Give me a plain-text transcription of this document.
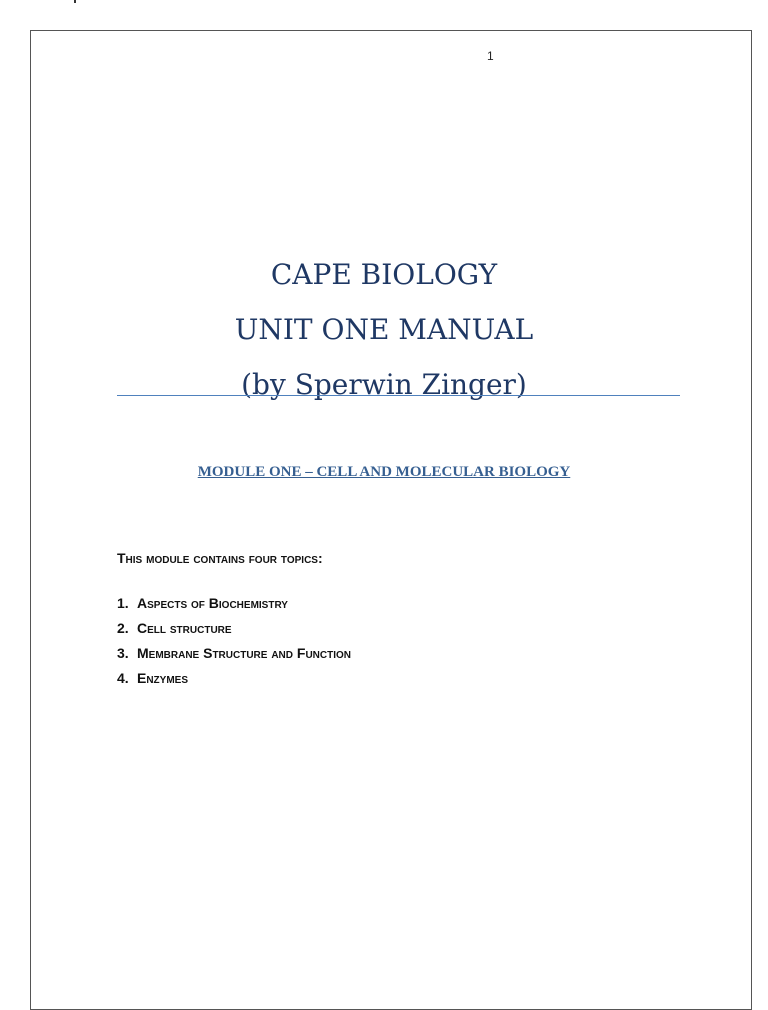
1
CAPE BIOLOGY
UNIT ONE MANUAL
(by Sperwin Zinger)
MODULE ONE – CELL AND MOLECULAR BIOLOGY
This module contains four topics:
1. Aspects of Biochemistry
2. Cell structure
3. Membrane Structure and Function
4. Enzymes
